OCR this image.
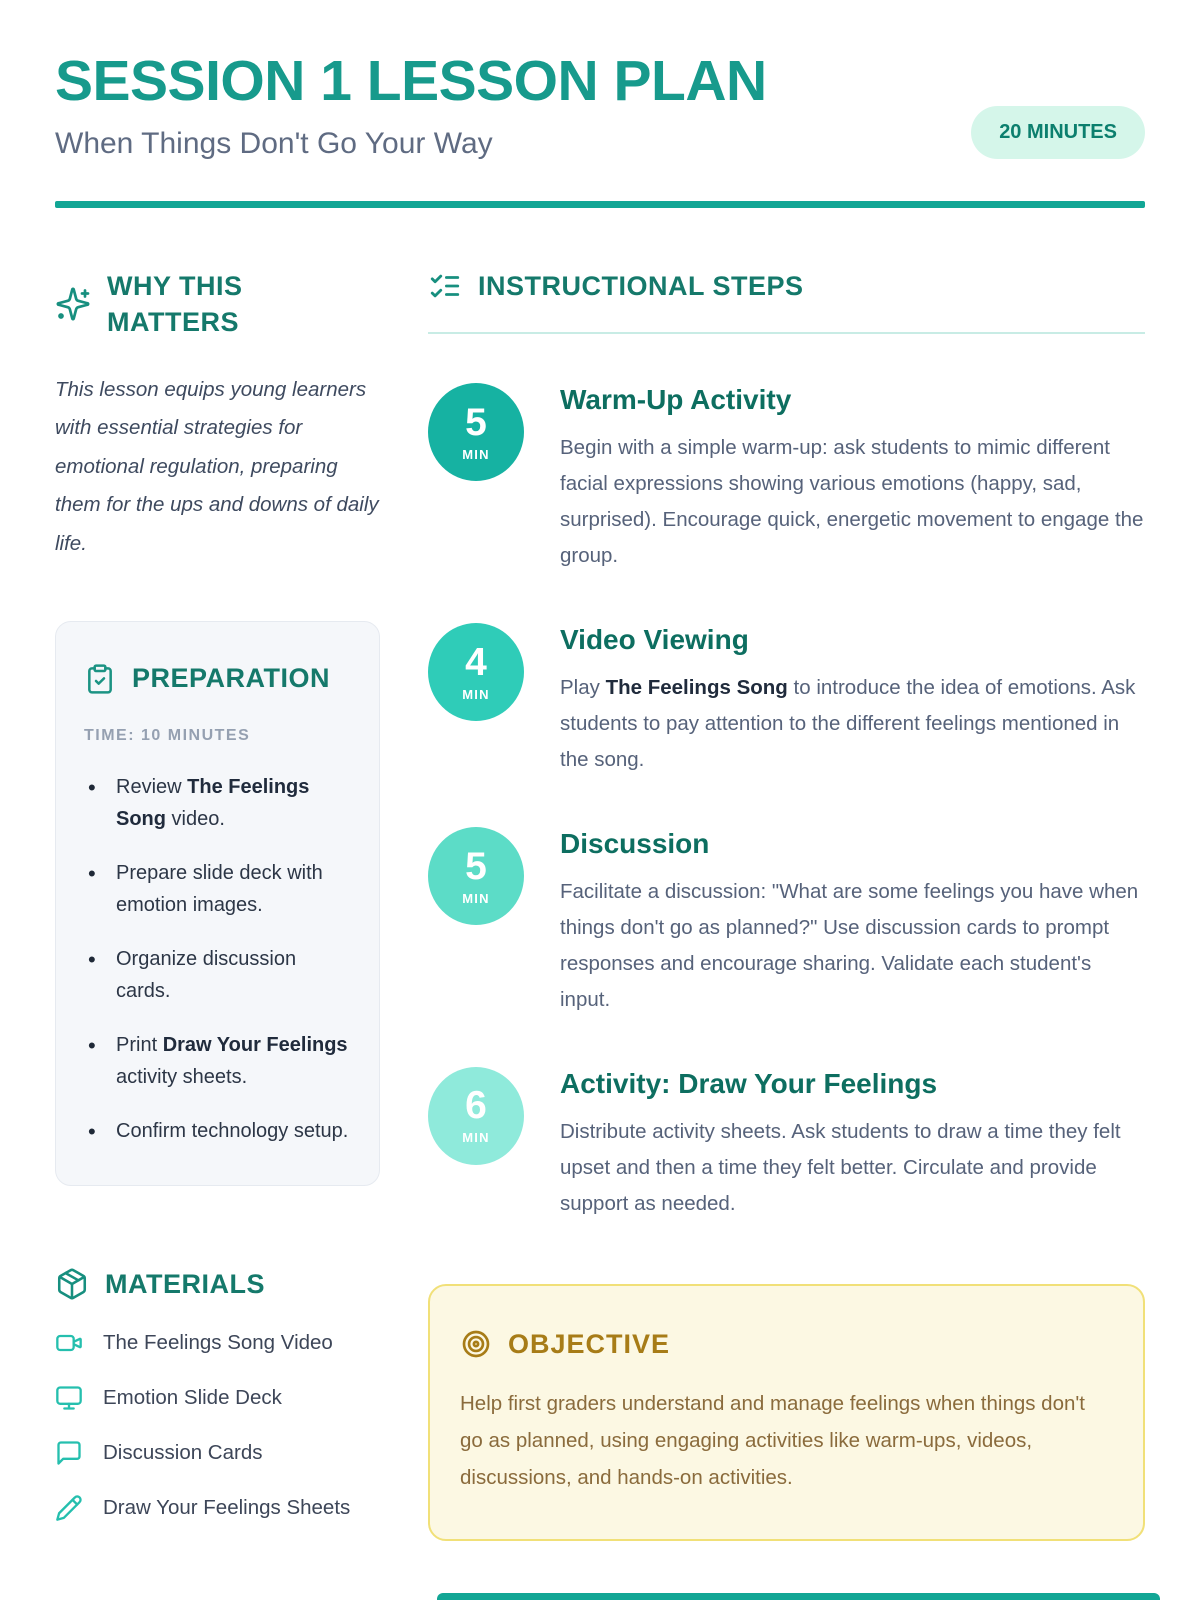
SESSION 1 LESSON PLAN
When Things Don't Go Your Way	20 MINUTES
WHY THIS MATTERS

This lesson equips young learners with essential strategies for emotional regulation, preparing them for the ups and downs of daily life.

PREPARATION
TIME: 10 MINUTES
• Review The Feelings Song video.
• Prepare slide deck with emotion images.
• Organize discussion cards.
• Print Draw Your Feelings activity sheets.
• Confirm technology setup.
MATERIALS
The Feelings Song Video
Emotion Slide Deck
Discussion Cards
Draw Your Feelings Sheets
INSTRUCTIONAL STEPS
5
MIN
Warm-Up Activity
Begin with a simple warm-up: ask students to mimic different facial expressions showing various emotions (happy, sad, surprised). Encourage quick, energetic movement to engage the group.
4
MIN
Video Viewing
Play The Feelings Song to introduce the idea of emotions. Ask students to pay attention to the different feelings mentioned in the song.
5
MIN
Discussion
Facilitate a discussion: "What are some feelings you have when things don't go as planned?" Use discussion cards to prompt responses and encourage sharing. Validate each student's input.
6
MIN
Activity: Draw Your Feelings
Distribute activity sheets. Ask students to draw a time they felt upset and then a time they felt better. Circulate and provide support as needed.
OBJECTIVE
Help first graders understand and manage feelings when things don't go as planned, using engaging activities like warm-ups, videos, discussions, and hands-on activities.
